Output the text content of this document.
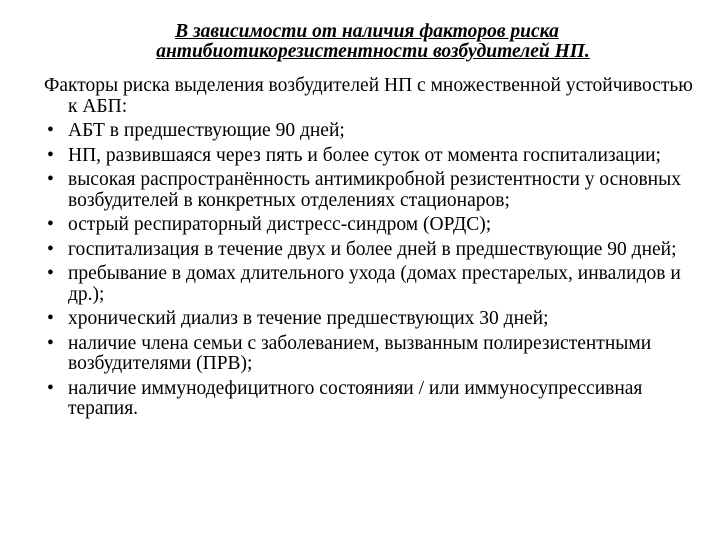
В зависимости от наличия факторов риска
антибиотикорезистентности возбудителей НП.

Факторы риска выделения возбудителей НП с множественной устойчивостью к АБП:

• АБТ в предшествующие 90 дней;
• НП, развившаяся через пять и более суток от момента госпитализации;
• высокая распространённость антимикробной резистентности у основных возбудителей в конкретных отделениях стационаров;
• острый респираторный дистресс-синдром (ОРДС);
• госпитализация в течение двух и более дней в предшествующие 90 дней;
• пребывание в домах длительного ухода (домах престарелых, инвалидов и др.);
• хронический диализ в течение предшествующих 30 дней;
• наличие члена семьи с заболеванием, вызванным полирезистентными возбудителями (ПРВ);
• наличие иммунодефицитного состоянияи / или иммуносупрессивная терапия.
